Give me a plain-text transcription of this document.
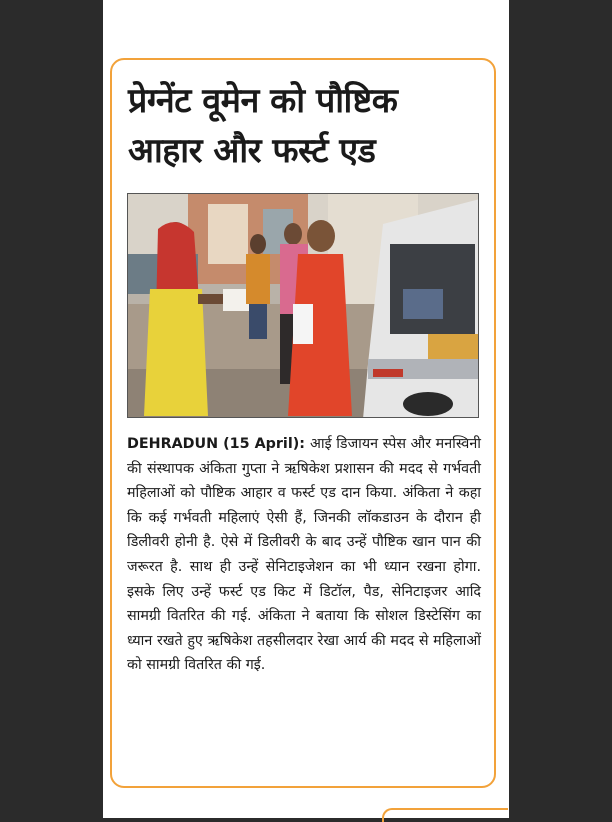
प्रेग्नेंट वूमेन को पौष्टिक
आहार और फर्स्ट एड
DEHRADUN (15 April): आई डिजायन स्पेस और मनस्विनी की संस्थापक अंकिता गुप्ता ने ऋषिकेश प्रशासन की मदद से गर्भवती महिलाओं को पौष्टिक आहार व फर्स्ट एड दान किया. अंकिता ने कहा कि कई गर्भवती महिलाएं ऐसी हैं, जिनकी लॉकडाउन के दौरान ही डिलीवरी होनी है. ऐसे में डिलीवरी के बाद उन्हें पौष्टिक खान पान की जरूरत है. साथ ही उन्हें सेनिटाइजेशन का भी ध्यान रखना होगा. इसके लिए उन्हें फर्स्ट एड किट में डिटॉल, पैड, सेनिटाइजर आदि सामग्री वितरित की गई. अंकिता ने बताया कि सोशल डिस्टेसिंग का ध्यान रखते हुए ऋषिकेश तहसीलदार रेखा आर्य की मदद से महिलाओं को सामग्री वितरित की गई.
